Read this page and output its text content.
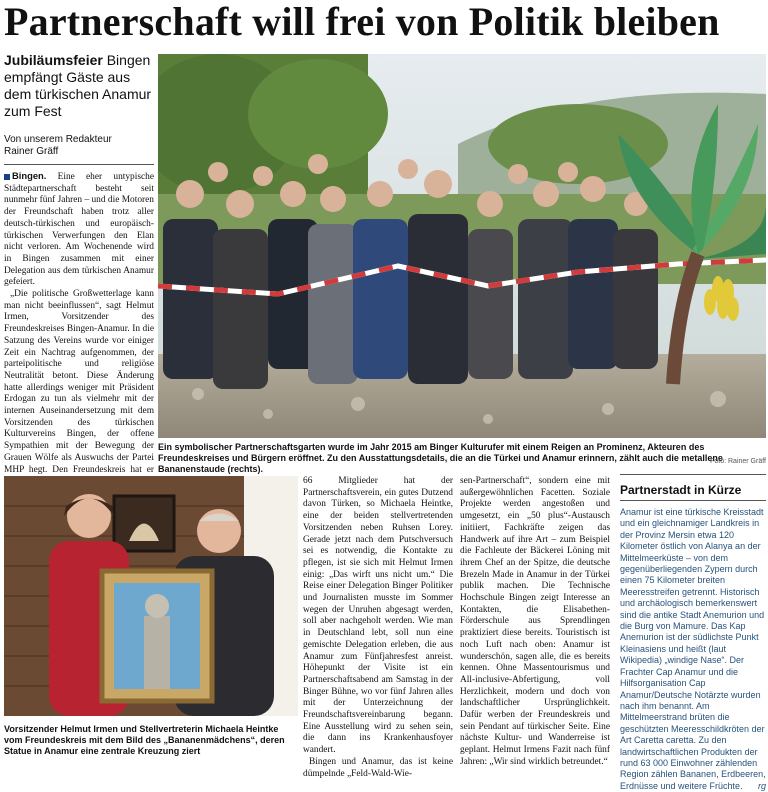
Partnerschaft will frei von Politik bleiben
Jubiläumsfeier Bingen empfängt Gäste aus dem türkischen Anamur zum Fest
Von unserem Redakteur
Rainer Gräff

Bingen. Eine eher untypische Städtepartnerschaft besteht seit nunmehr fünf Jahren – und die Motoren der Freundschaft haben trotz aller deutsch-türkischen und europäisch-türkischen Verwerfungen den Elan nicht verloren. Am Wochenende wird in Bingen zusammen mit einer Delegation aus dem türkischen Anamur gefeiert.

„Die politische Großwetterlage kann man nicht beeinflussen“, sagt Helmut Irmen, Vorsitzender des Freundeskreises Bingen-Anamur. In die Satzung des Vereins wurde vor einiger Zeit ein Nachtrag aufgenommen, der parteipolitische und religiöse Neutralität betont. Diese Änderung hatte allerdings weniger mit Präsident Erdogan zu tun als vielmehr mit der internen Auseinandersetzung mit dem Vorsitzenden des türkischen Kulturvereins Bingen, der offene Sympathien mit der Bewegung der Grauen Wölfe als Auswuchs der Partei MHP hegt. Den Freundeskreis hat er

Ein symbolischer Partnerschaftsgarten wurde im Jahr 2015 am Binger Kulturufer mit einem Reigen an Prominenz, Akteuren des Freundeskreises und Bürgern eröffnet. Zu den Ausstattungsdetails, die an die Türkei und Anamur erinnern, zählt auch die metallene Bananenstaude (rechts).
Foto: Rainer Gräff
Vorsitzender Helmut Irmen und Stellvertreterin Michaela Heintke vom Freundeskreis mit dem Bild des „Bananenmädchens“, deren Statue in Anamur eine zentrale Kreuzung ziert

66 Mitglieder hat der Partnerschaftsverein, ein gutes Dutzend davon Türken, so Michaela Heintke, eine der beiden stellvertretenden Vorsitzenden neben Ruhsen Lorey. Gerade jetzt nach dem Putschversuch sei es notwendig, die Kontakte zu pflegen, ist sie sich mit Helmut Irmen einig: „Das wirft uns nicht um.“ Die Reise einer Delegation Binger Politiker und Journalisten musste im Sommer wegen der Unruhen abgesagt werden, soll aber nachgeholt werden. Wie man in Deutschland lebt, soll nun eine gemischte Delegation erleben, die aus Anamur zum Fünfjahresfest anreist. Höhepunkt der Visite ist ein Partnerschaftsabend am Samstag in der Binger Bühne, wo vor fünf Jahren alles mit der Unterzeichnung der Freundschaftsvereinbarung begann. Eine Ausstellung wird zu sehen sein, die dann ins Krankenhausfoyer wandert.

Bingen und Anamur, das ist keine dümpelnde „Feld-Wald-Wie-

sen-Partnerschaft“, sondern eine mit außergewöhnlichen Facetten. Soziale Projekte werden angestoßen und umgesetzt, ein „50 plus“-Austausch initiiert, Fachkräfte zeigen das Handwerk auf ihre Art – zum Beispiel die Fachleute der Bäckerei Löning mit ihrem Chef an der Spitze, die deutsche Brezeln Made in Anamur in der Türkei publik machen. Die Technische Hochschule Bingen zeigt Interesse an Kontakten, die Elisabethen-Förderschule aus Sprendlingen praktiziert diese bereits. Touristisch ist noch Luft nach oben: Anamur ist wunderschön, sagen alle, die es bereits kennen. Ohne Massentourismus und All-inclusive-Abfertigung, voll Herzlichkeit, modern und doch von landschaftlicher Ursprünglichkeit. Dafür werben der Freundeskreis und sein Pendant auf türkischer Seite. Eine nächste Kultur- und Wanderreise ist geplant. Helmut Irmens Fazit nach fünf Jahren: „Wir sind wirklich betreundet.“

Partnerstadt in Kürze
Anamur ist eine türkische Kreisstadt und ein gleichnamiger Landkreis in der Provinz Mersin etwa 120 Kilometer östlich von Alanya an der Mittelmeerküste – von dem gegenüberliegenden Zypern durch einen 75 Kilometer breiten Meeresstreifen getrennt. Historisch und archäologisch bemerkenswert sind die antike Stadt Anemurion und die Burg von Mamure. Das Kap Anemurion ist der südlichste Punkt Kleinasiens und heißt (laut Wikipedia) „windige Nase“. Der Frachter Cap Anamur und die Hilfsorganisation Cap Anamur/Deutsche Notärzte wurden nach ihm benannt. Am Mittelmeerstrand brüten die geschützten Meeresschildkröten der Art Caretta caretta. Zu den landwirtschaftlichen Produkten der rund 63 000 Einwohner zählenden Region zählen Bananen, Erdbeeren, Erdnüsse und weitere Früchte. rg
